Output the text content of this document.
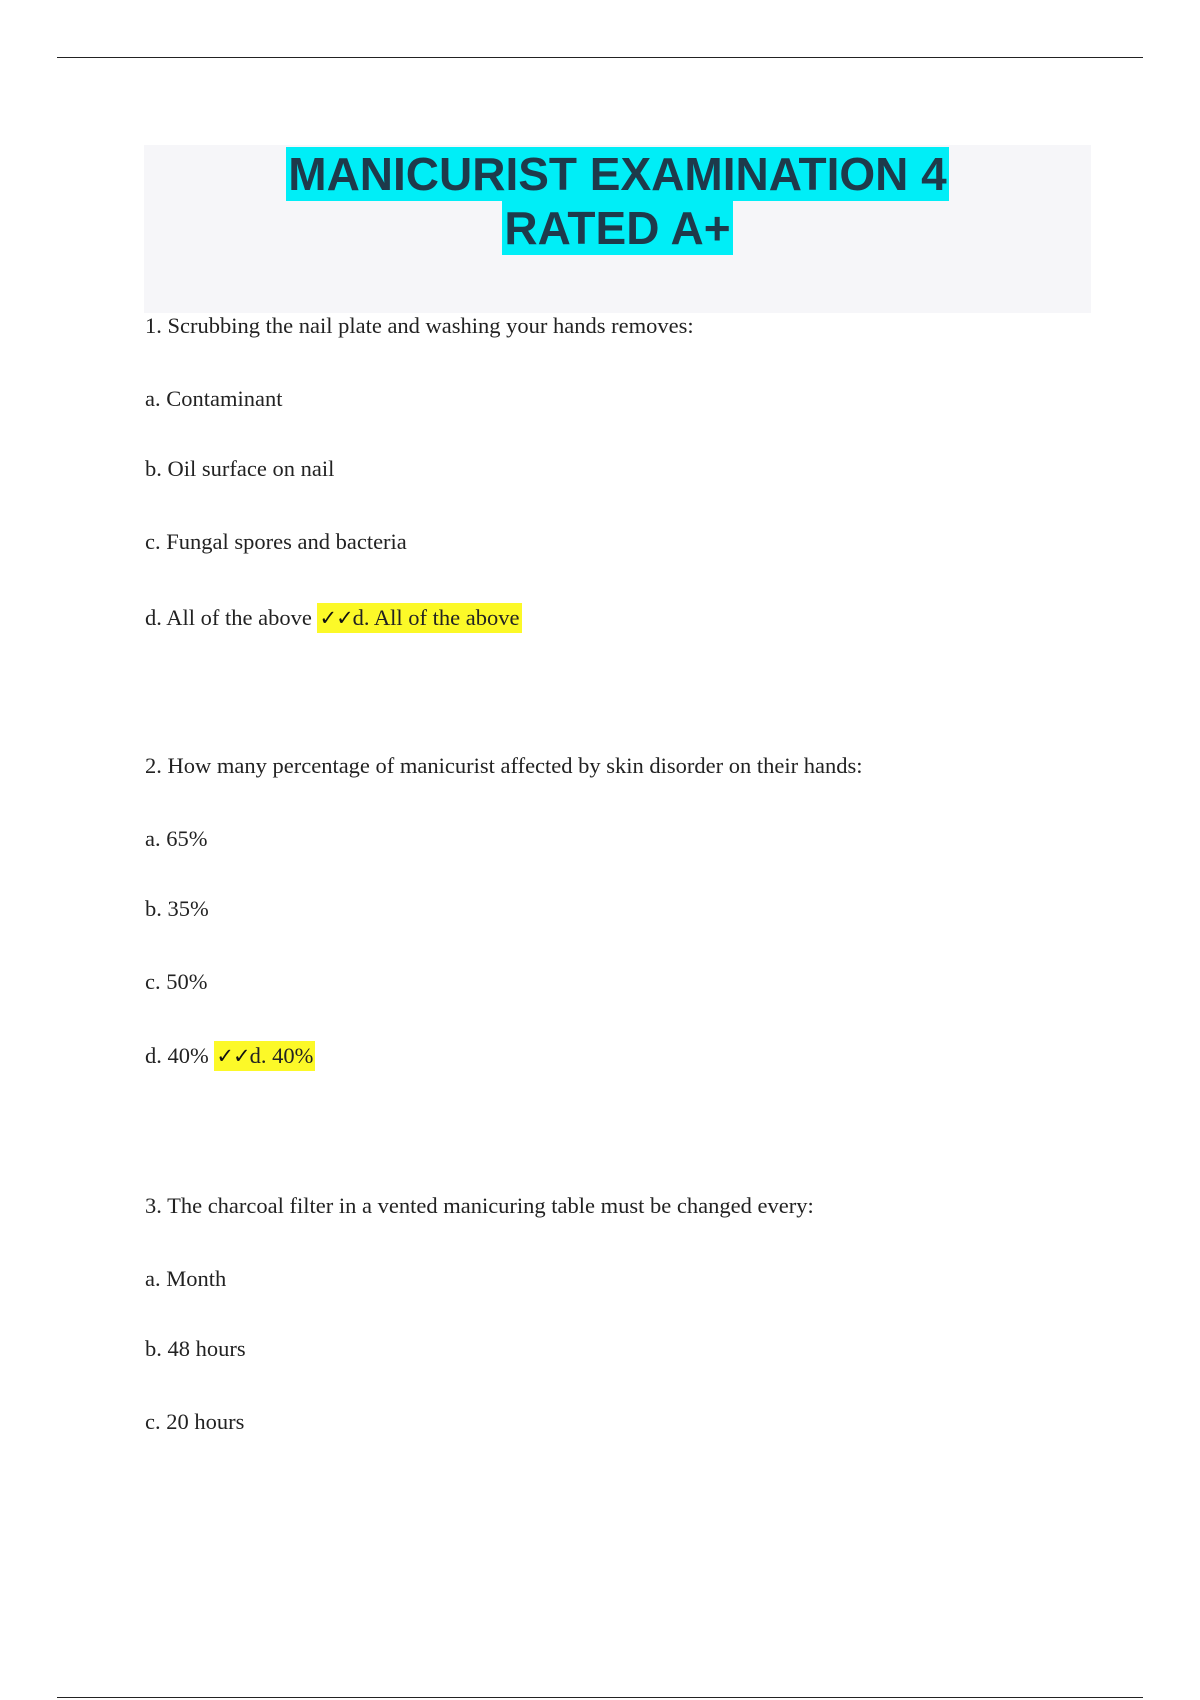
MANICURIST EXAMINATION 4
RATED A+
1. Scrubbing the nail plate and washing your hands removes:
a. Contaminant
b. Oil surface on nail
c. Fungal spores and bacteria
d. All of the above ✓✓d. All of the above
2. How many percentage of manicurist affected by skin disorder on their hands:
a. 65%
b. 35%
c. 50%
d. 40% ✓✓d. 40%
3. The charcoal filter in a vented manicuring table must be changed every:
a. Month
b. 48 hours
c. 20 hours
